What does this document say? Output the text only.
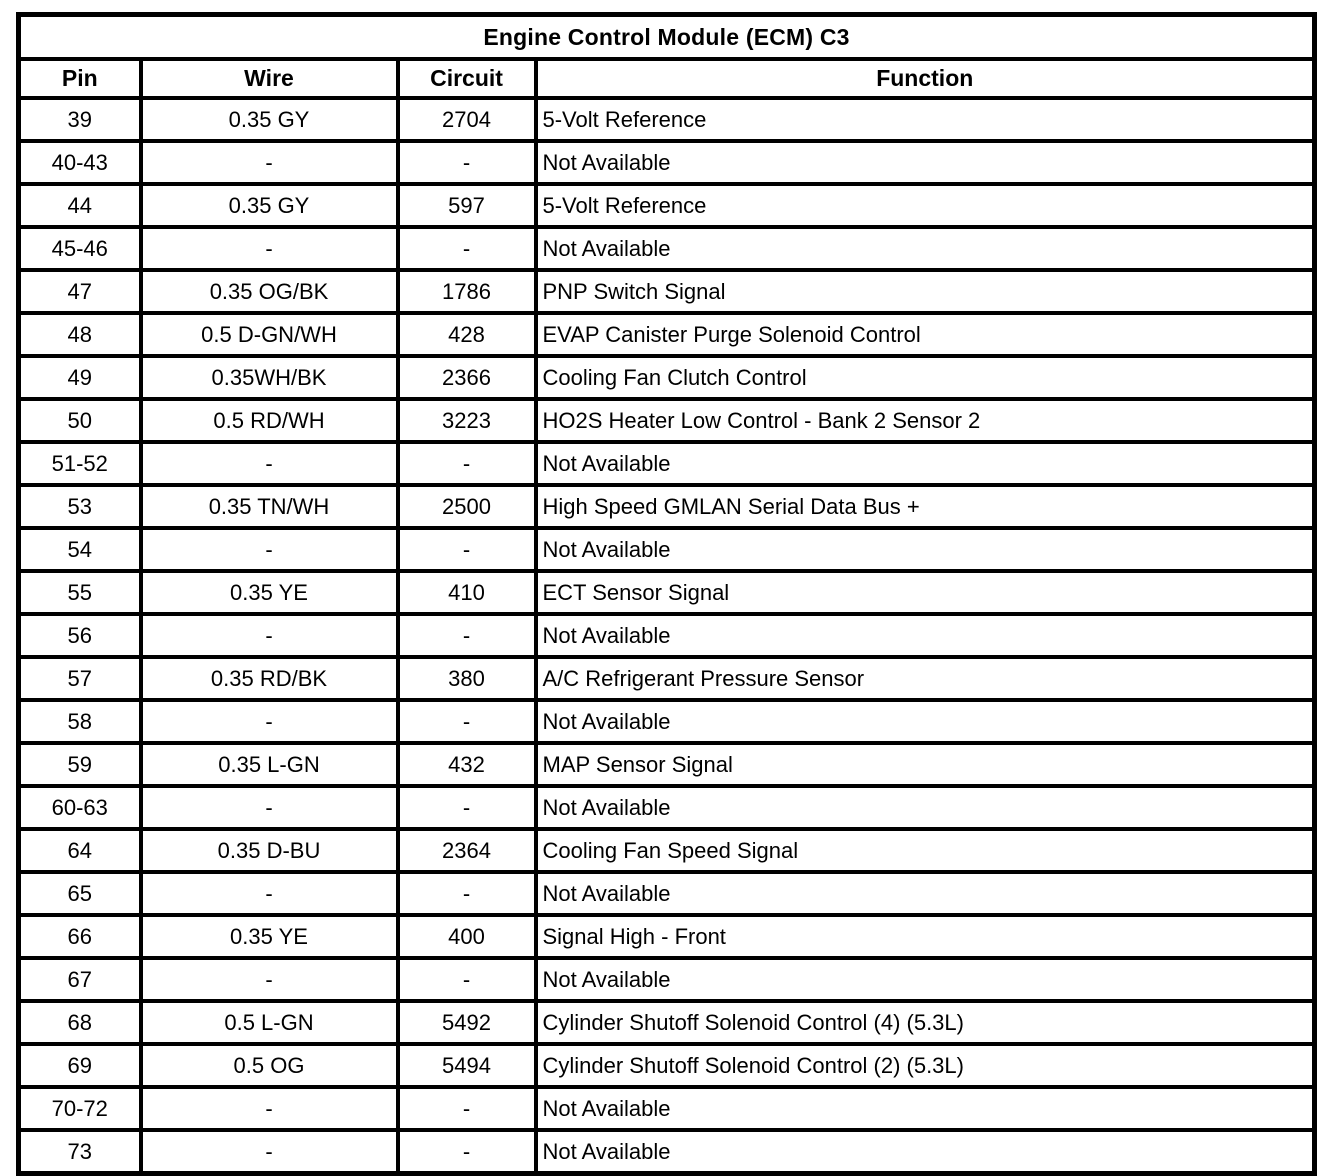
Engine Control Module (ECM) C3			
Pin	Wire	Circuit	Function
39	0.35 GY	2704	5-Volt Reference
40-43	-	-	Not Available
44	0.35 GY	597	5-Volt Reference
45-46	-	-	Not Available
47	0.35 OG/BK	1786	PNP Switch Signal
48	0.5 D-GN/WH	428	EVAP Canister Purge Solenoid Control
49	0.35WH/BK	2366	Cooling Fan Clutch Control
50	0.5 RD/WH	3223	HO2S Heater Low Control - Bank 2 Sensor 2
51-52	-	-	Not Available
53	0.35 TN/WH	2500	High Speed GMLAN Serial Data Bus +
54	-	-	Not Available
55	0.35 YE	410	ECT Sensor Signal
56	-	-	Not Available
57	0.35 RD/BK	380	A/C Refrigerant Pressure Sensor
58	-	-	Not Available
59	0.35 L-GN	432	MAP Sensor Signal
60-63	-	-	Not Available
64	0.35 D-BU	2364	Cooling Fan Speed Signal
65	-	-	Not Available
66	0.35 YE	400	Signal High - Front
67	-	-	Not Available
68	0.5 L-GN	5492	Cylinder Shutoff Solenoid Control (4) (5.3L)
69	0.5 OG	5494	Cylinder Shutoff Solenoid Control (2) (5.3L)
70-72	-	-	Not Available
73	-	-	Not Available
